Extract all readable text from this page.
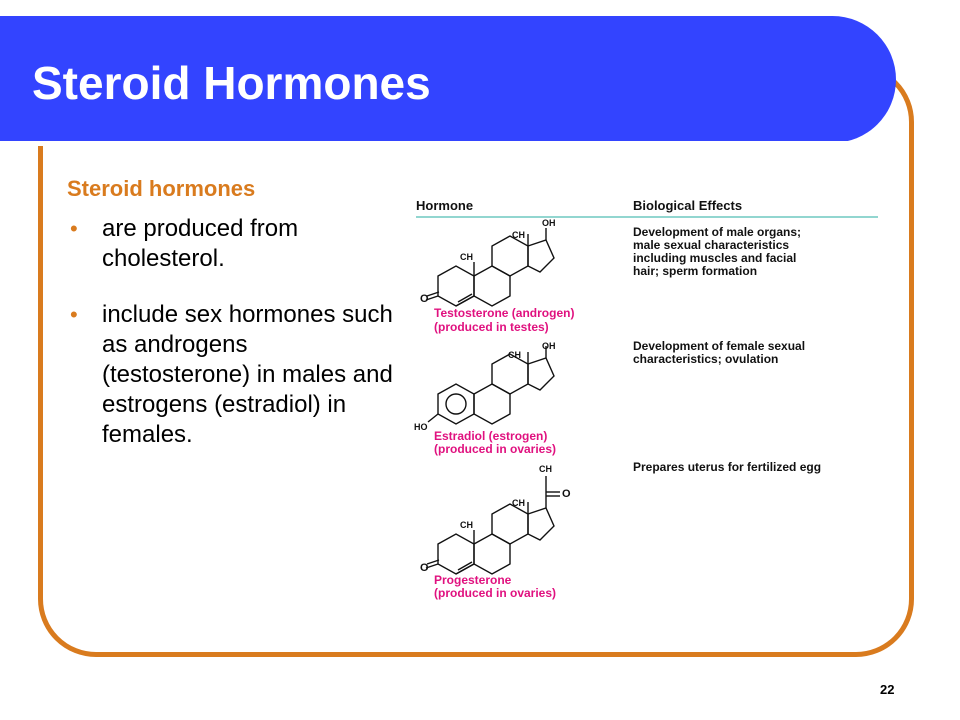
Steroid Hormones
Steroid hormones
• are produced from cholesterol.
• include sex hormones such as androgens (testosterone) in males and estrogens (estradiol) in females.
Hormone	Biological Effects
O
CH
CH
OH
Testosterone (androgen)
(produced in testes)
Development of male organs;
male sexual characteristics
including muscles and facial
hair; sperm formation
HO
CH
OH
Estradiol (estrogen)
(produced in ovaries)
Development of female sexual
characteristics; ovulation
O
O
CH
CH
CH
Progesterone
(produced in ovaries)
Prepares uterus for fertilized egg
22
